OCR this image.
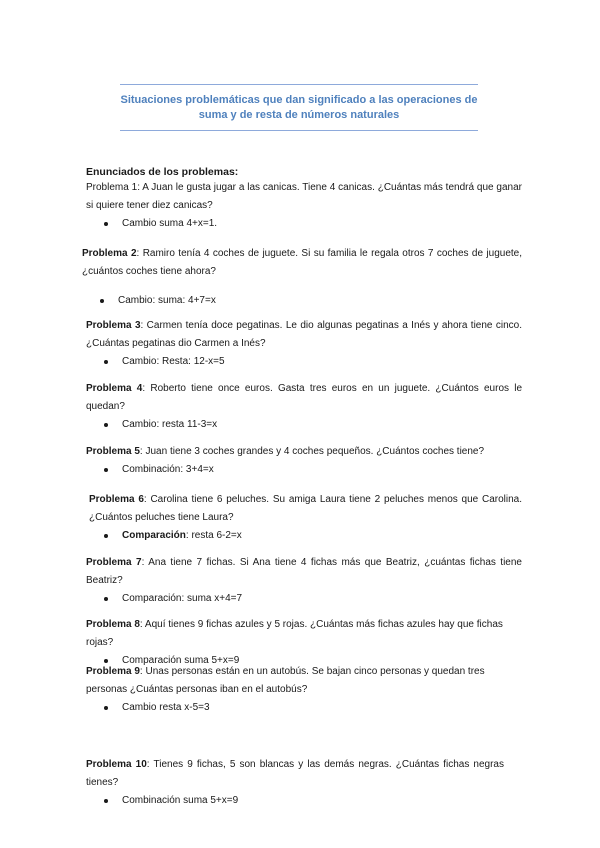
Situaciones problemáticas que dan significado a las operaciones de suma y de resta de números naturales
Enunciados de los problemas:
Problema 1: A Juan le gusta jugar a las canicas. Tiene 4 canicas. ¿Cuántas más tendrá que ganar si quiere tener diez canicas?
Cambio suma 4+x=1.
Problema 2: Ramiro tenía 4 coches de juguete. Si su familia le regala otros 7 coches de juguete, ¿cuántos coches tiene ahora?
Cambio: suma: 4+7=x
Problema 3: Carmen tenía doce pegatinas. Le dio algunas pegatinas a Inés y ahora tiene cinco. ¿Cuántas pegatinas dio Carmen a Inés?
Cambio: Resta: 12-x=5
Problema 4: Roberto tiene once euros. Gasta tres euros en un juguete. ¿Cuántos euros le quedan?
Cambio: resta 11-3=x
Problema 5: Juan tiene 3 coches grandes y 4 coches pequeños. ¿Cuántos coches tiene?
Combinación: 3+4=x
Problema 6: Carolina tiene 6 peluches. Su amiga Laura tiene 2 peluches menos que Carolina. ¿Cuántos peluches tiene Laura?
Comparación: resta 6-2=x
Problema 7: Ana tiene 7 fichas. Si Ana tiene 4 fichas más que Beatriz, ¿cuántas fichas tiene Beatriz?
Comparación: suma x+4=7
Problema 8: Aquí tienes 9 fichas azules y 5 rojas. ¿Cuántas más fichas azules hay que fichas rojas?
Comparación suma 5+x=9
Problema 9: Unas personas están en un autobús. Se bajan cinco personas y quedan tres personas ¿Cuántas personas iban en el autobús?
Cambio resta x-5=3
Problema 10: Tienes 9 fichas, 5 son blancas y las demás negras. ¿Cuántas fichas negras tienes?
Combinación suma 5+x=9
